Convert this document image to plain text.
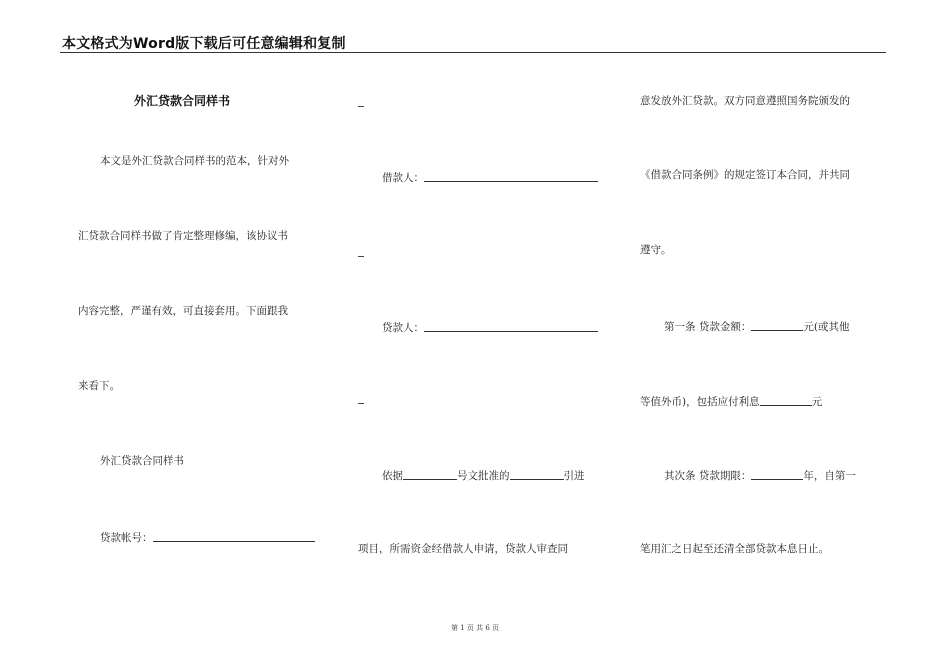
本文格式为Word版下载后可任意编辑和复制
外汇贷款合同样书
本文是外汇贷款合同样书的范本，针对外
汇贷款合同样书做了肯定整理修编，该协议书
内容完整，严谨有效，可直接套用。下面跟我
来看下。
外汇贷款合同样书
贷款帐号：
借款人：
贷款人：
依据	号文批准的	引进
项目，所需资金经借款人申请，贷款人审查同
意发放外汇贷款。双方同意遵照国务院颁发的
《借款合同条例》的规定签订本合同，并共同
遵守。
第一条 贷款金额：	元(或其他
等值外币)，包括应付利息	元
其次条 贷款期限：	年，自第一
笔用汇之日起至还清全部贷款本息日止。
第 1 页 共 6 页
